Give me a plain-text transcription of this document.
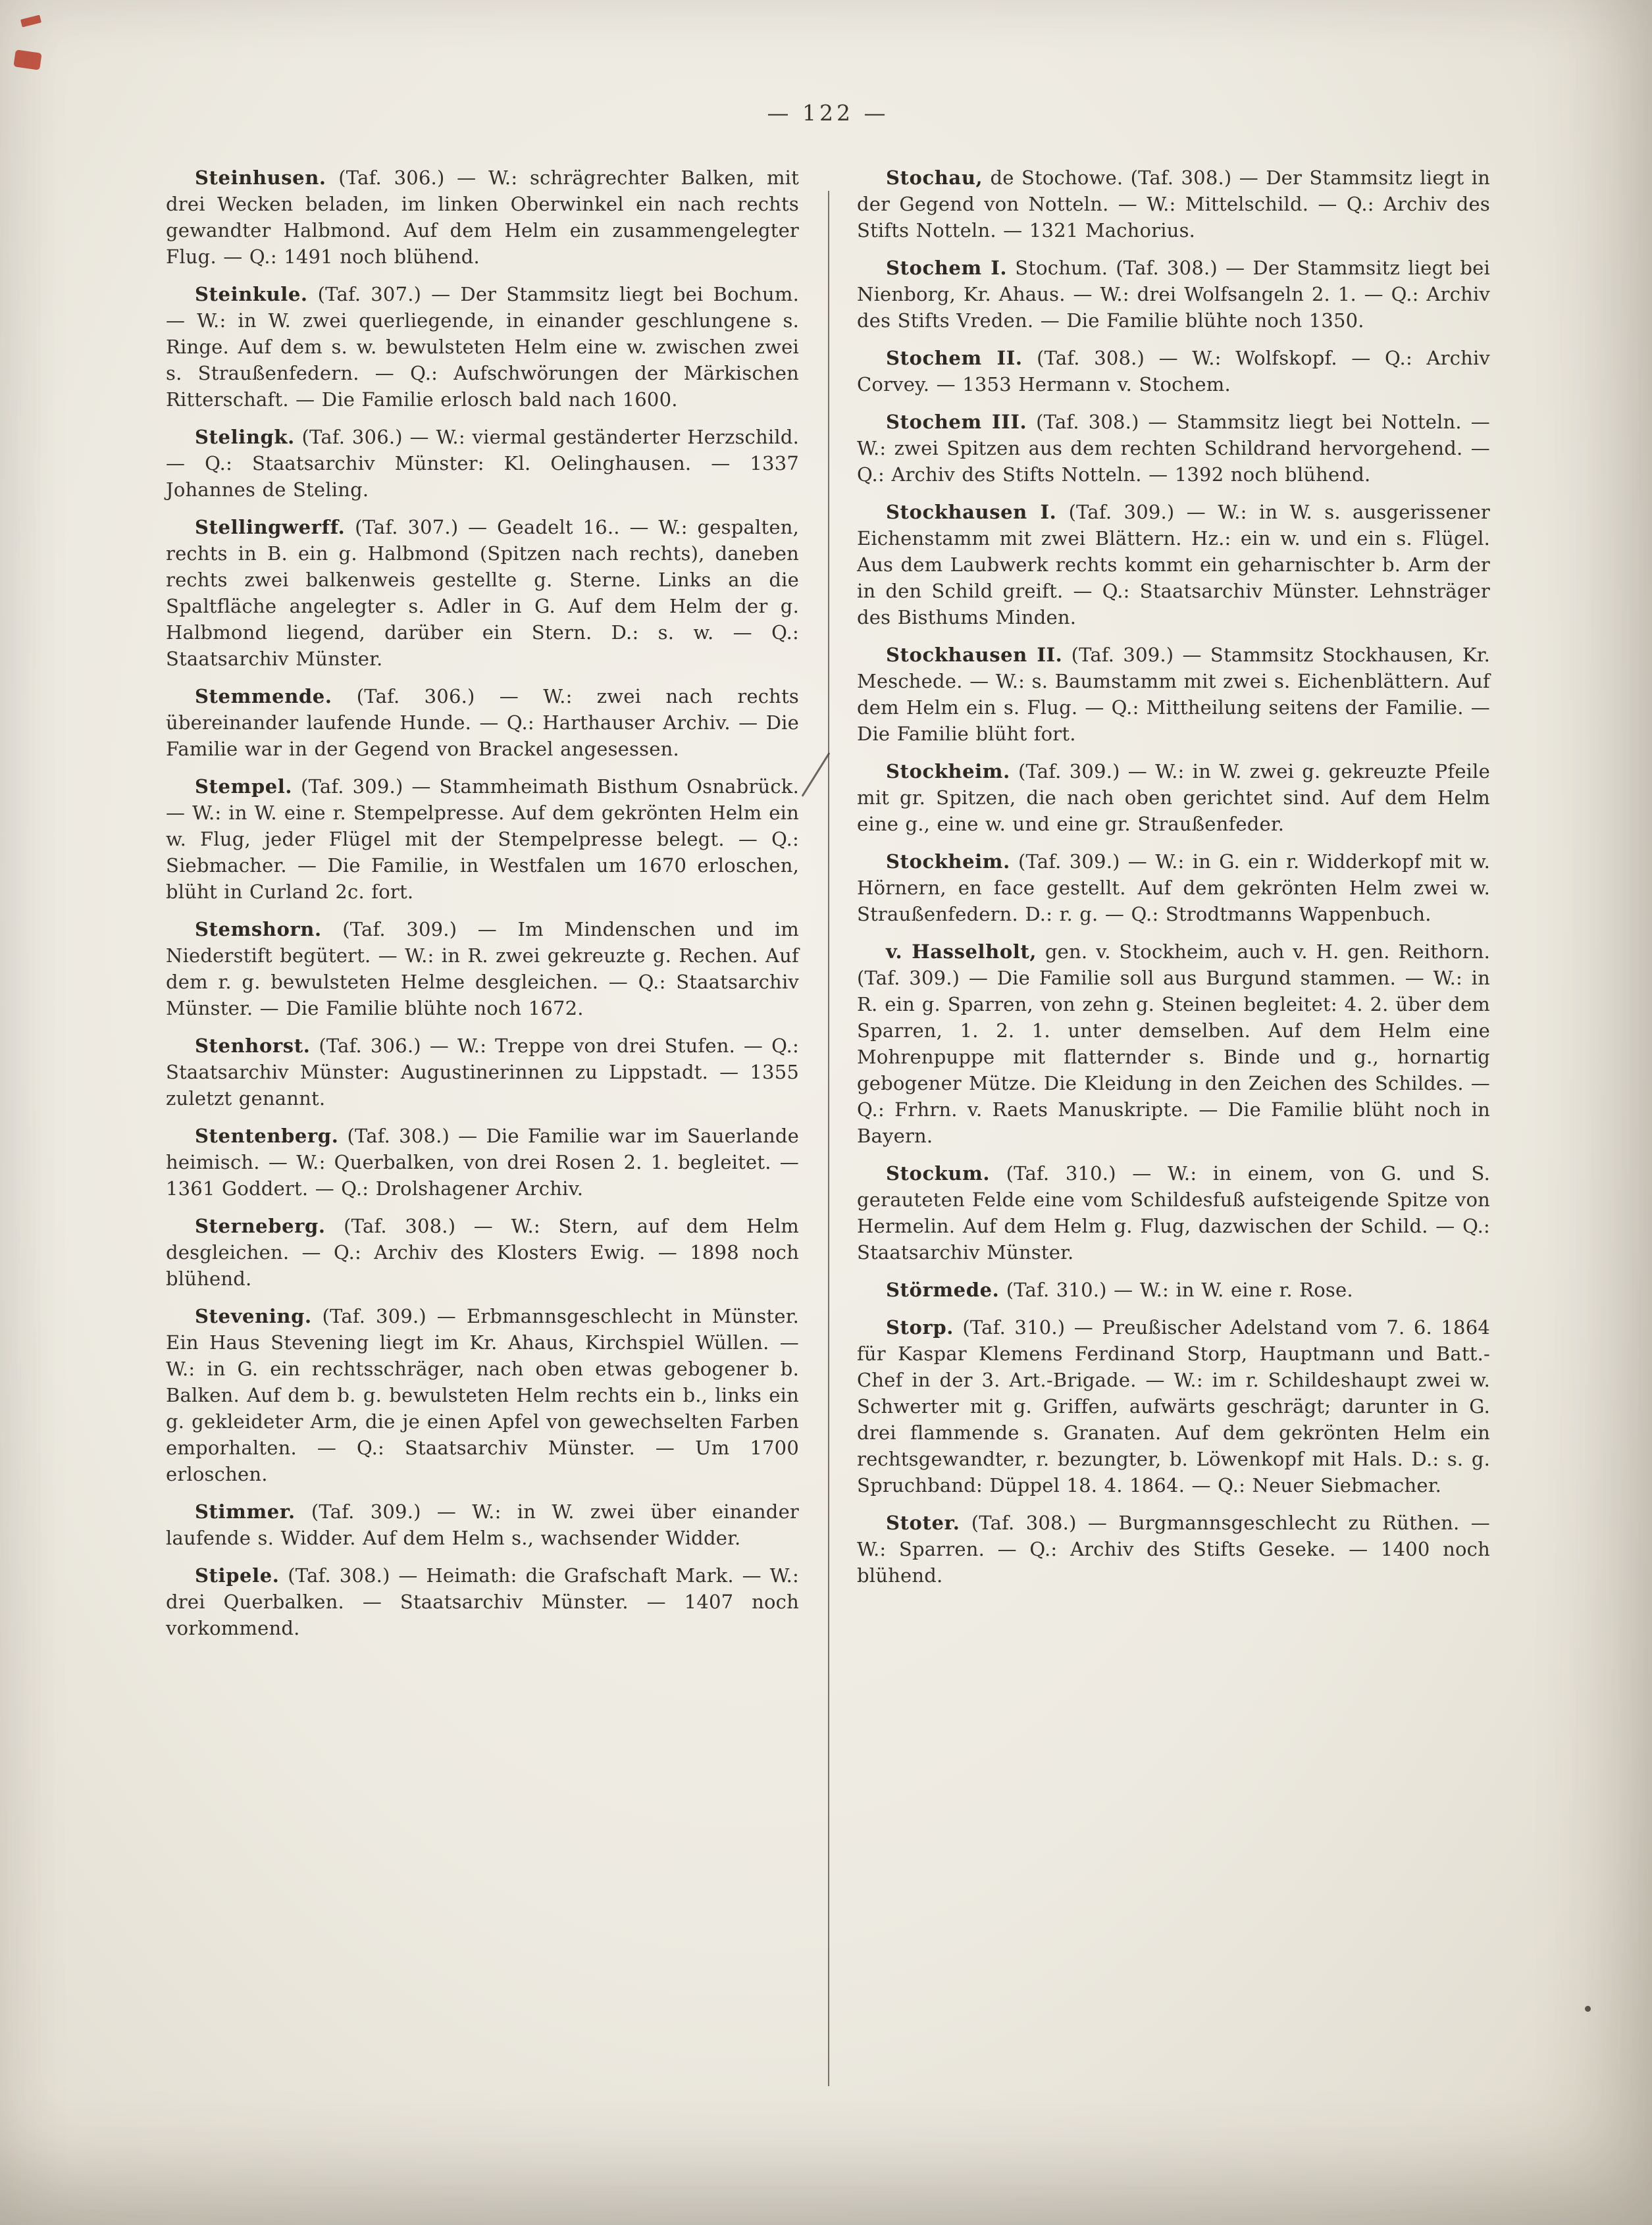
— 122 —

Steinhusen. (Taf. 306.) — W.: schrägrechter Balken, mit drei Wecken beladen, im linken Oberwinkel ein nach rechts gewandter Halbmond. Auf dem Helm ein zusammengelegter Flug. — Q.: 1491 noch blühend.

Steinkule. (Taf. 307.) — Der Stammsitz liegt bei Bochum. — W.: in W. zwei querliegende, in einander geschlungene s. Ringe. Auf dem s. w. bewulsteten Helm eine w. zwischen zwei s. Straußenfedern. — Q.: Aufschwörungen der Märkischen Ritterschaft. — Die Familie erlosch bald nach 1600.

Stelingk. (Taf. 306.) — W.: viermal geständerter Herzschild. — Q.: Staatsarchiv Münster: Kl. Oelinghausen. — 1337 Johannes de Steling.

Stellingwerff. (Taf. 307.) — Geadelt 16.. — W.: gespalten, rechts in B. ein g. Halbmond (Spitzen nach rechts), daneben rechts zwei balkenweis gestellte g. Sterne. Links an die Spaltfläche angelegter s. Adler in G. Auf dem Helm der g. Halbmond liegend, darüber ein Stern. D.: s. w. — Q.: Staatsarchiv Münster.

Stemmende. (Taf. 306.) — W.: zwei nach rechts übereinander laufende Hunde. — Q.: Harthauser Archiv. — Die Familie war in der Gegend von Brackel angesessen.

Stempel. (Taf. 309.) — Stammheimath Bisthum Osnabrück. — W.: in W. eine r. Stempelpresse. Auf dem gekrönten Helm ein w. Flug, jeder Flügel mit der Stempelpresse belegt. — Q.: Siebmacher. — Die Familie, in Westfalen um 1670 erloschen, blüht in Curland 2c. fort.

Stemshorn. (Taf. 309.) — Im Mindenschen und im Niederstift begütert. — W.: in R. zwei gekreuzte g. Rechen. Auf dem r. g. bewulsteten Helme desgleichen. — Q.: Staatsarchiv Münster. — Die Familie blühte noch 1672.

Stenhorst. (Taf. 306.) — W.: Treppe von drei Stufen. — Q.: Staatsarchiv Münster: Augustinerinnen zu Lippstadt. — 1355 zuletzt genannt.

Stentenberg. (Taf. 308.) — Die Familie war im Sauerlande heimisch. — W.: Querbalken, von drei Rosen 2. 1. begleitet. — 1361 Goddert. — Q.: Drolshagener Archiv.

Sterneberg. (Taf. 308.) — W.: Stern, auf dem Helm desgleichen. — Q.: Archiv des Klosters Ewig. — 1898 noch blühend.

Stevening. (Taf. 309.) — Erbmannsgeschlecht in Münster. Ein Haus Stevening liegt im Kr. Ahaus, Kirchspiel Wüllen. — W.: in G. ein rechtsschräger, nach oben etwas gebogener b. Balken. Auf dem b. g. bewulsteten Helm rechts ein b., links ein g. gekleideter Arm, die je einen Apfel von gewechselten Farben emporhalten. — Q.: Staatsarchiv Münster. — Um 1700 erloschen.

Stimmer. (Taf. 309.) — W.: in W. zwei über einander laufende s. Widder. Auf dem Helm s., wachsender Widder.

Stipele. (Taf. 308.) — Heimath: die Grafschaft Mark. — W.: drei Querbalken. — Staatsarchiv Münster. — 1407 noch vorkommend.

Stochau, de Stochowe. (Taf. 308.) — Der Stammsitz liegt in der Gegend von Notteln. — W.: Mittelschild. — Q.: Archiv des Stifts Notteln. — 1321 Machorius.

Stochem I. Stochum. (Taf. 308.) — Der Stammsitz liegt bei Nienborg, Kr. Ahaus. — W.: drei Wolfsangeln 2. 1. — Q.: Archiv des Stifts Vreden. — Die Familie blühte noch 1350.

Stochem II. (Taf. 308.) — W.: Wolfskopf. — Q.: Archiv Corvey. — 1353 Hermann v. Stochem.

Stochem III. (Taf. 308.) — Stammsitz liegt bei Notteln. — W.: zwei Spitzen aus dem rechten Schildrand hervorgehend. — Q.: Archiv des Stifts Notteln. — 1392 noch blühend.

Stockhausen I. (Taf. 309.) — W.: in W. s. ausgerissener Eichenstamm mit zwei Blättern. Hz.: ein w. und ein s. Flügel. Aus dem Laubwerk rechts kommt ein geharnischter b. Arm der in den Schild greift. — Q.: Staatsarchiv Münster. Lehnsträger des Bisthums Minden.

Stockhausen II. (Taf. 309.) — Stammsitz Stockhausen, Kr. Meschede. — W.: s. Baumstamm mit zwei s. Eichenblättern. Auf dem Helm ein s. Flug. — Q.: Mittheilung seitens der Familie. — Die Familie blüht fort.

Stockheim. (Taf. 309.) — W.: in W. zwei g. gekreuzte Pfeile mit gr. Spitzen, die nach oben gerichtet sind. Auf dem Helm eine g., eine w. und eine gr. Straußenfeder.

Stockheim. (Taf. 309.) — W.: in G. ein r. Widderkopf mit w. Hörnern, en face gestellt. Auf dem gekrönten Helm zwei w. Straußenfedern. D.: r. g. — Q.: Strodtmanns Wappenbuch.

v. Hasselholt, gen. v. Stockheim, auch v. H. gen. Reithorn. (Taf. 309.) — Die Familie soll aus Burgund stammen. — W.: in R. ein g. Sparren, von zehn g. Steinen begleitet: 4. 2. über dem Sparren, 1. 2. 1. unter demselben. Auf dem Helm eine Mohrenpuppe mit flatternder s. Binde und g., hornartig gebogener Mütze. Die Kleidung in den Zeichen des Schildes. — Q.: Frhrn. v. Raets Manuskripte. — Die Familie blüht noch in Bayern.

Stockum. (Taf. 310.) — W.: in einem, von G. und S. gerauteten Felde eine vom Schildesfuß aufsteigende Spitze von Hermelin. Auf dem Helm g. Flug, dazwischen der Schild. — Q.: Staatsarchiv Münster.

Störmede. (Taf. 310.) — W.: in W. eine r. Rose.

Storp. (Taf. 310.) — Preußischer Adelstand vom 7. 6. 1864 für Kaspar Klemens Ferdinand Storp, Hauptmann und Batt.-Chef in der 3. Art.-Brigade. — W.: im r. Schildeshaupt zwei w. Schwerter mit g. Griffen, aufwärts geschrägt; darunter in G. drei flammende s. Granaten. Auf dem gekrönten Helm ein rechtsgewandter, r. bezungter, b. Löwenkopf mit Hals. D.: s. g. Spruchband: Düppel 18. 4. 1864. — Q.: Neuer Siebmacher.

Stoter. (Taf. 308.) — Burgmannsgeschlecht zu Rüthen. — W.: Sparren. — Q.: Archiv des Stifts Geseke. — 1400 noch blühend.
